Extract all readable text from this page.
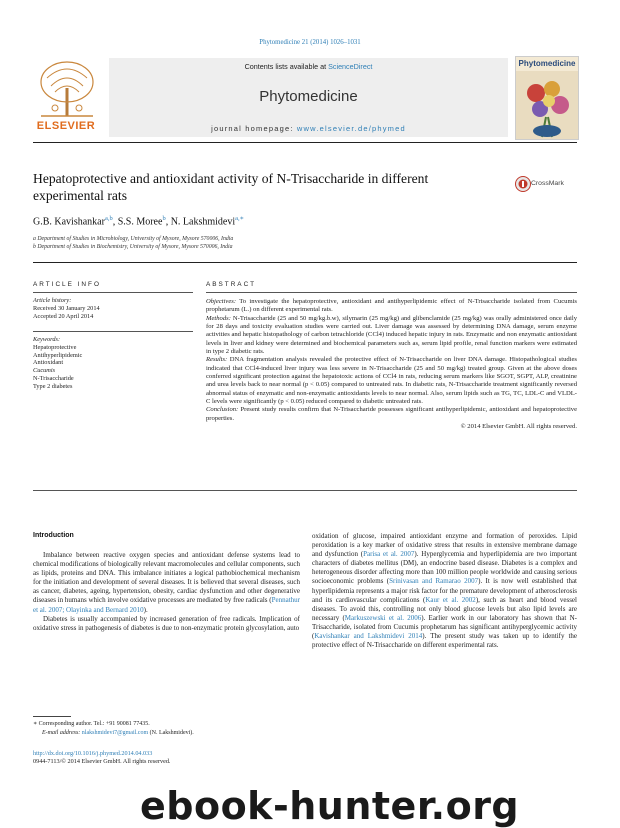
Phytomedicine 21 (2014) 1026–1031
ELSEVIER
Contents lists available at ScienceDirect
Phytomedicine
journal homepage: www.elsevier.de/phymed
Phytomedicine
Hepatoprotective and antioxidant activity of N-Trisaccharide in different experimental rats
CrossMark
G.B. Kavishankar$^{a,b}$, S.S. Moree$^b$, N. Lakshmidevi$^{a,∗}$
a Department of Studies in Microbiology, University of Mysore, Mysore 570006, India
b Department of Studies in Biochemistry, University of Mysore, Mysore 570006, India
ARTICLE INFO
Article history:
Received 30 January 2014
Accepted 20 April 2014
Keywords:
Hepatoprotective
Antihyperlipidemic
Antioxidant
Cucumis
N-Trisaccharide
Type 2 diabetes
ABSTRACT

Objectives: To investigate the hepatoprotective, antioxidant and antihyperlipidemic effect of N-Trisaccharide isolated from Cucumis prophetarum (L.) on different experimental rats.

Methods: N-Trisaccharide (25 and 50 mg/kg.b.w), silymarin (25 mg/kg) and glibenclamide (25 mg/kg) was orally administered once daily for 28 days and toxicity evaluation studies were carried out. Liver damage was assessed by determining DNA damage, serum enzyme activities and hepatic histopathology of carbon tetrachloride (CCl4) induced hepatic injury in rats. Enzymatic and non enzymatic antioxidant levels in liver and kidney were determined and biochemical parameters such as, serum lipid profile, renal function markers were estimated in type 2 diabetic rats.

Results: DNA fragmentation analysis revealed the protective effect of N-Trisaccharide on liver DNA damage. Histopathological studies indicated that CCl4-induced liver injury was less severe in N-Trisaccharide (25 and 50 mg/kg) treated group. Given at the above doses conferred significant protection against the hepatotoxic actions of CCl4 in rats, reducing serum markers like SGOT, SGPT, ALP, creatinine and urea levels back to near normal (p < 0.05) compared to untreated rats. In diabetic rats, N-Trisaccharide treatment significantly reversed abnormal status of enzymatic and non-enzymatic antioxidants levels to near normal. Also, serum lipids such as TG, TC, LDL-C and VLDL-C levels were significantly (p < 0.05) reduced compared to diabetic untreated rats.

Conclusion: Present study results confirm that N-Trisaccharide possesses significant antihyperlipidemic, antioxidant and hepatoprotective properties.

© 2014 Elsevier GmbH. All rights reserved.

Introduction

Imbalance between reactive oxygen species and antioxidant defense systems lead to chemical modifications of biologically relevant macromolecules and cellular components, such as lipids, proteins and DNA. This imbalance initiates a logical pathobiochemical mechanism for the initiation and development of several diseases. It is believed that several diseases, such as cancer, diabetes, ageing, hypertension, obesity, cardiac dysfunction and other degenerative diseases in humans which involve oxidative processes are mediated by free radicals (Pennathur et al. 2007; Olayinka and Bernard 2010).

Diabetes is usually accompanied by increased generation of free radicals. Implication of oxidative stress in pathogenesis of diabetes is due to non-enzymatic protein glycosylation, auto

oxidation of glucose, impaired antioxidant enzyme and formation of peroxides. Lipid peroxidation is a key marker of oxidative stress that results in extensive membrane damage and dysfunction (Parisa et al. 2007). Hyperglycemia and hyperlipidemia are two important characters of diabetes mellitus (DM), an endocrine based disease. Diabetes is a complex and heterogeneous disorder affecting more than 100 million people worldwide and causing serious socioeconomic problems (Srinivasan and Ramarao 2007). It is now well established that hyperlipidemia represents a major risk factor for the premature development of atherosclerosis and its cardiovascular complications (Kaur et al. 2002), such as heart and blood vessel diseases. To avoid this, controlling not only blood glucose levels but also lipid levels are necessary (Markuszewski et al. 2006). Earlier work in our laboratory has shown that N-Trisaccharide, isolated from Cucumis prophetarum has significant antihyperglycemic activity (Kavishankar and Lakshmidevi 2014). The present study was taken up to identify the protective effect of N-Trisaccharide on different experimental rats.

∗ Corresponding author. Tel.: +91 90081 77435.
E-mail address: nlakshmidevi7@gmail.com (N. Lakshmidevi).
http://dx.doi.org/10.1016/j.phymed.2014.04.033
0944-7113/© 2014 Elsevier GmbH. All rights reserved.
ebook-hunter.org
